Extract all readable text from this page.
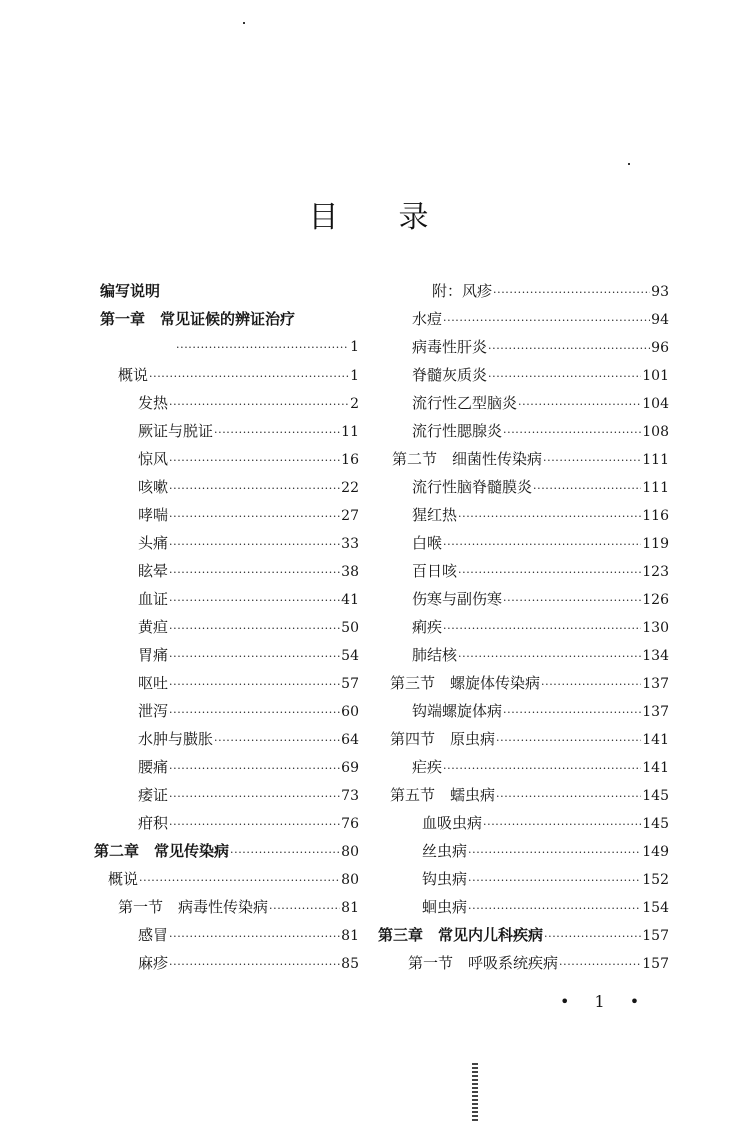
目 录
编写说明
第一章　常见证候的辨证治疗
·····
1
概说 ·····	1
发热 ·····	2
厥证与脱证 ·····	11
惊风 ·····	16
咳嗽 ·····	22
哮喘 ·····	27
头痛 ·····	33
眩晕 ·····	38
血证 ·····	41
黄疸 ·····	50
胃痛 ·····	54
呕吐 ·····	57
泄泻 ·····	60
水肿与臌胀 ·····	64
腰痛 ·····	69
痿证 ·····	73
疳积 ·····	76
第二章　常见传染病 ·····	80
概说 ·····	80
第一节　病毒性传染病 ·····	81
感冒 ·····	81
麻疹 ·····	85
附：风疹 ·····	93
水痘 ·····	94
病毒性肝炎 ·····	96
脊髓灰质炎 ·····	101
流行性乙型脑炎 ·····	104
流行性腮腺炎 ·····	108
第二节　细菌性传染病 ·····	111
流行性脑脊髓膜炎 ·····	111
猩红热 ·····	116
白喉 ·····	119
百日咳 ·····	123
伤寒与副伤寒 ·····	126
痢疾 ·····	130
肺结核 ·····	134
第三节　螺旋体传染病 ·····	137
钩端螺旋体病 ·····	137
第四节　原虫病 ·····	141
疟疾 ·····	141
第五节　蠕虫病 ·····	145
血吸虫病 ·····	145
丝虫病 ·····	149
钩虫病 ·····	152
蛔虫病 ·····	154
第三章　常见内儿科疾病 ·····	157
第一节　呼吸系统疾病 ·····	157
• 1 •
